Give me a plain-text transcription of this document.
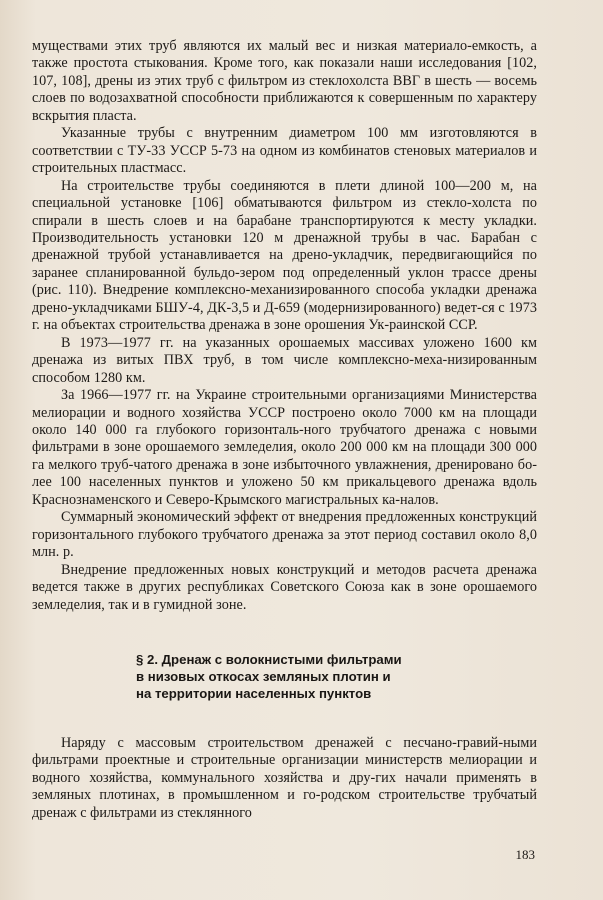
муществами этих труб являются их малый вес и низкая материало-емкость, а также простота стыкования. Кроме того, как показали наши исследования [102, 107, 108], дрены из этих труб с фильтром из стеклохолста ВВГ в шесть — восемь слоев по водозахватной способности приближаются к совершенным по характеру вскрытия пласта.

Указанные трубы с внутренним диаметром 100 мм изготовляются в соответствии с ТУ-33 УССР 5-73 на одном из комбинатов стеновых материалов и строительных пластмасс.

На строительстве трубы соединяются в плети длиной 100—200 м, на специальной установке [106] обматываются фильтром из стекло-холста по спирали в шесть слоев и на барабане транспортируются к месту укладки. Производительность установки 120 м дренажной трубы в час. Барабан с дренажной трубой устанавливается на дрено-укладчик, передвигающийся по заранее спланированной бульдо-зером под определенный уклон трассе дрены (рис. 110). Внедрение комплексно-механизированного способа укладки дренажа дрено-укладчиками БШУ-4, ДК-3,5 и Д-659 (модернизированного) ведет-ся с 1973 г. на объектах строительства дренажа в зоне орошения Ук-раинской ССР.

В 1973—1977 гг. на указанных орошаемых массивах уложено 1600 км дренажа из витых ПВХ труб, в том числе комплексно-меха-низированным способом 1280 км.

За 1966—1977 гг. на Украине строительными организациями Министерства мелиорации и водного хозяйства УССР построено около 7000 км на площади около 140 000 га глубокого горизонталь-ного трубчатого дренажа с новыми фильтрами в зоне орошаемого земледелия, около 200 000 км на площади 300 000 га мелкого труб-чатого дренажа в зоне избыточного увлажнения, дренировано бо-лее 100 населенных пунктов и уложено 50 км прикальцевого дренажа вдоль Краснознаменского и Северо-Крымского магистральных ка-налов.

Суммарный экономический эффект от внедрения предложенных конструкций горизонтального глубокого трубчатого дренажа за этот период составил около 8,0 млн. р.

Внедрение предложенных новых конструкций и методов расчета дренажа ведется также в других республиках Советского Союза как в зоне орошаемого земледелия, так и в гумидной зоне.

§ 2. Дренаж с волокнистыми фильтрами
в низовых откосах земляных плотин и
на территории населенных пунктов

Наряду с массовым строительством дренажей с песчано-гравий-ными фильтрами проектные и строительные организации министерств мелиорации и водного хозяйства, коммунального хозяйства и дру-гих начали применять в земляных плотинах, в промышленном и го-родском строительстве трубчатый дренаж с фильтрами из стеклянного

183
